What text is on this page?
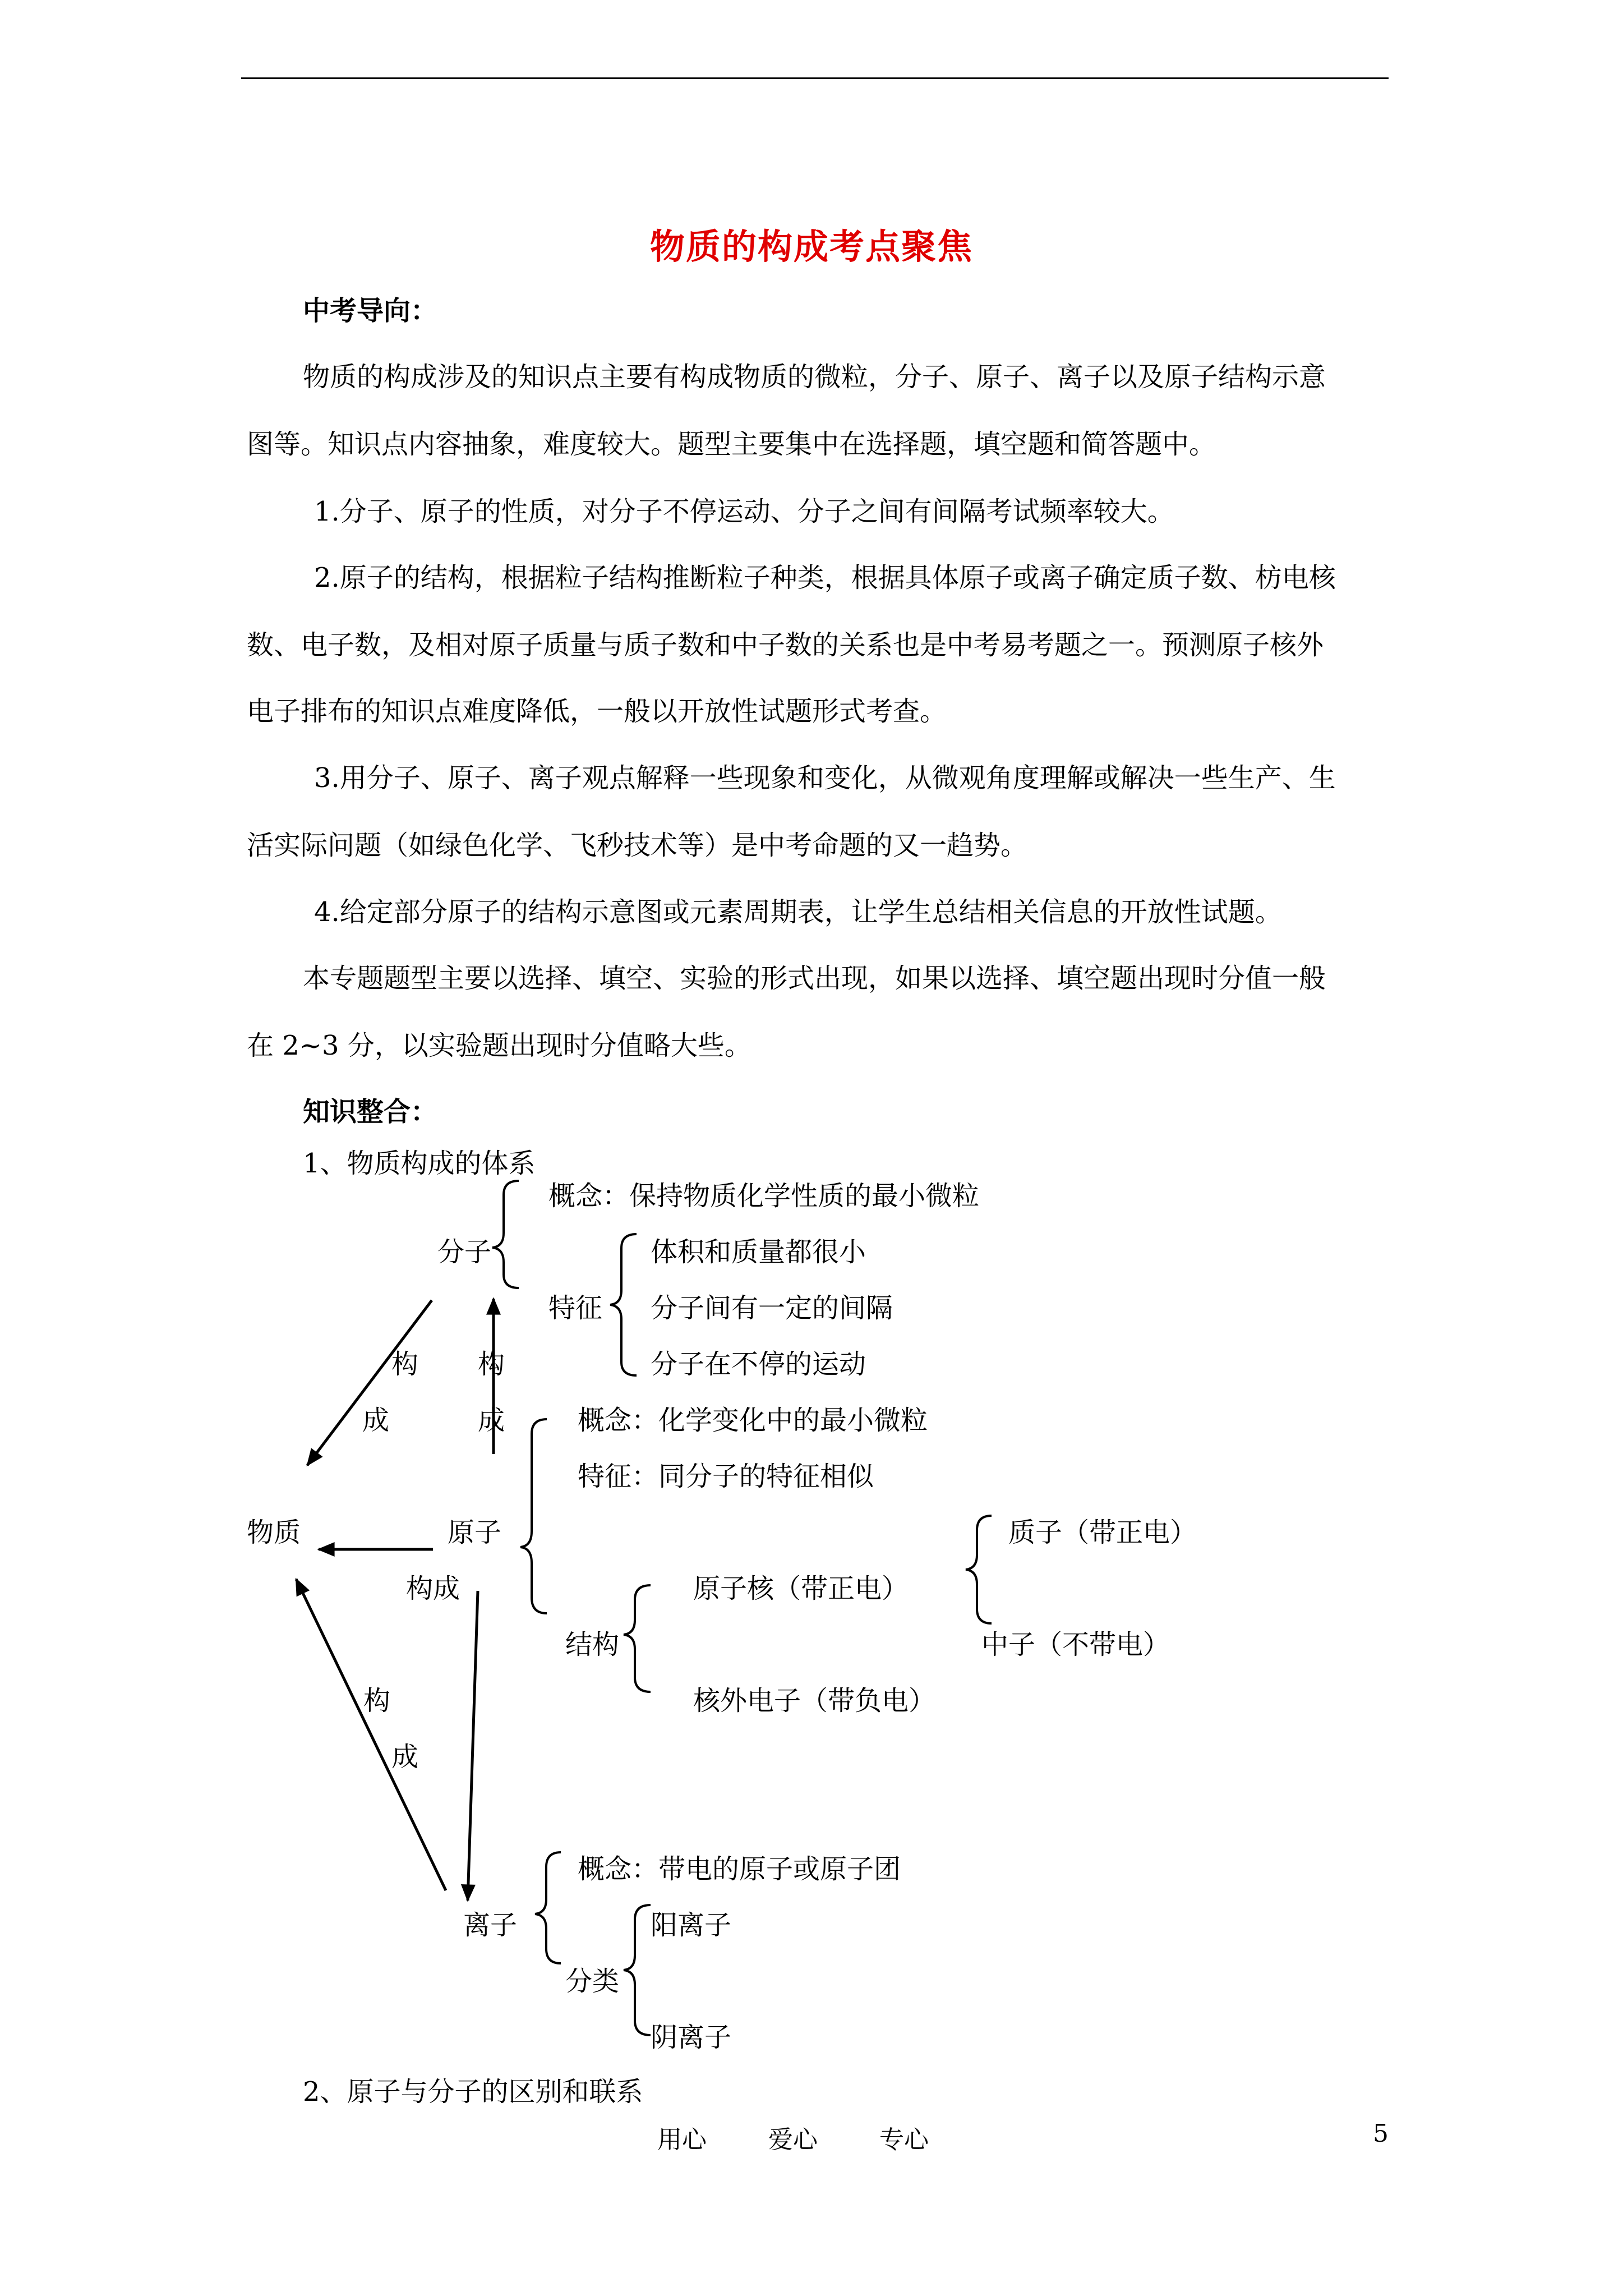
物质的构成考点聚焦
中考导向：
物质的构成涉及的知识点主要有构成物质的微粒，分子、原子、离子以及原子结构示意
图等。知识点内容抽象，难度较大。题型主要集中在选择题，填空题和简答题中。
1.分子、原子的性质，对分子不停运动、分子之间有间隔考试频率较大。
2.原子的结构，根据粒子结构推断粒子种类，根据具体原子或离子确定质子数、枋电核
数、电子数，及相对原子质量与质子数和中子数的关系也是中考易考题之一。预测原子核外
电子排布的知识点难度降低，一般以开放性试题形式考查。
3.用分子、原子、离子观点解释一些现象和变化，从微观角度理解或解决一些生产、生
活实际问题（如绿色化学、飞秒技术等）是中考命题的又一趋势。
4.给定部分原子的结构示意图或元素周期表，让学生总结相关信息的开放性试题。
本专题题型主要以选择、填空、实验的形式出现，如果以选择、填空题出现时分值一般
在 2~3 分，以实验题出现时分值略大些。
知识整合：
1、物质构成的体系
分子
概念：保持物质化学性质的最小微粒
特征
体积和质量都很小
分子间有一定的间隔
分子在不停的运动
构
成
构
成
物质	原子
构成
概念：化学变化中的最小微粒
特征：同分子的特征相似
结构
原子核（带正电）
核外电子（带负电）
质子（带正电）
中子（不带电）
构
成
离子
概念：带电的原子或原子团
分类
阳离子
阴离子
2、原子与分子的区别和联系
用心	爱心	专心	5
